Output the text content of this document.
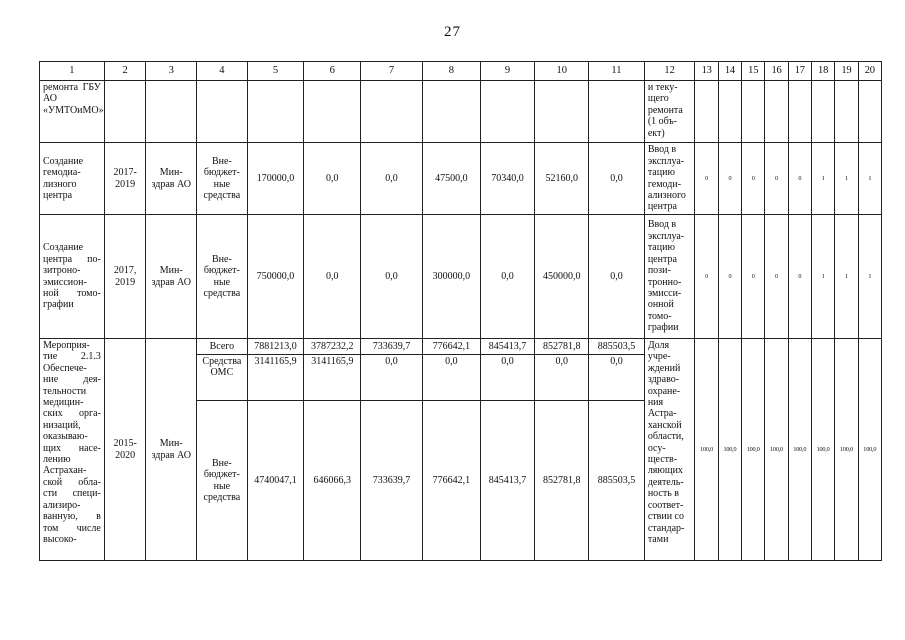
27
1	2	3	4	5	6	7	8	9	10	11	12	13	14	15	16	17	18	19	20
ремонта ГБУ АО «УМТОиМО»											и теку-щего ремонта (1 объ-ект)								
Создание гемодиа-лизного центра	2017-2019	Мин-здрав АО	Вне-бюджет-ные средства	170000,0	0,0	0,0	47500,0	70340,0	52160,0	0,0	Ввод в эксплуа-тацию гемоди-ализного центра	0	0	0	0	0	1	1	1
Создание центра по-зитроно-эмиссион-ной томо-графии	2017, 2019	Мин-здрав АО	Вне-бюджет-ные средства	750000,0	0,0	0,0	300000,0	0,0	450000,0	0,0	Ввод в эксплуа-тацию центра пози-тронно-эмисси-онной томо-графии	0	0	0	0	0	1	1	1
Мероприя-тие 2.1.3 Обеспече-ние дея-тельности медицин-ских орга-низаций, оказываю-щих насе-лению Астрахан-ской обла-сти специ-ализиро-ванную, в том числе высоко-	2015-2020	Мин-здрав АО	Всего	7881213,0	3787232,2	733639,7	776642,1	845413,7	852781,8	885503,5	Доля учре-ждений здраво-охране-ния Астра-ханской области, осу-ществ-ляющих деятель-ность в соответ-ствии со стандар-тами	100,0	100,0	100,0	100,0	100,0	100,0	100,0	100,0
			Средства ОМС	3141165,9	3141165,9	0,0	0,0	0,0	0,0	0,0									
			Вне-бюджет-ные средства	4740047,1	646066,3	733639,7	776642,1	845413,7	852781,8	885503,5									
